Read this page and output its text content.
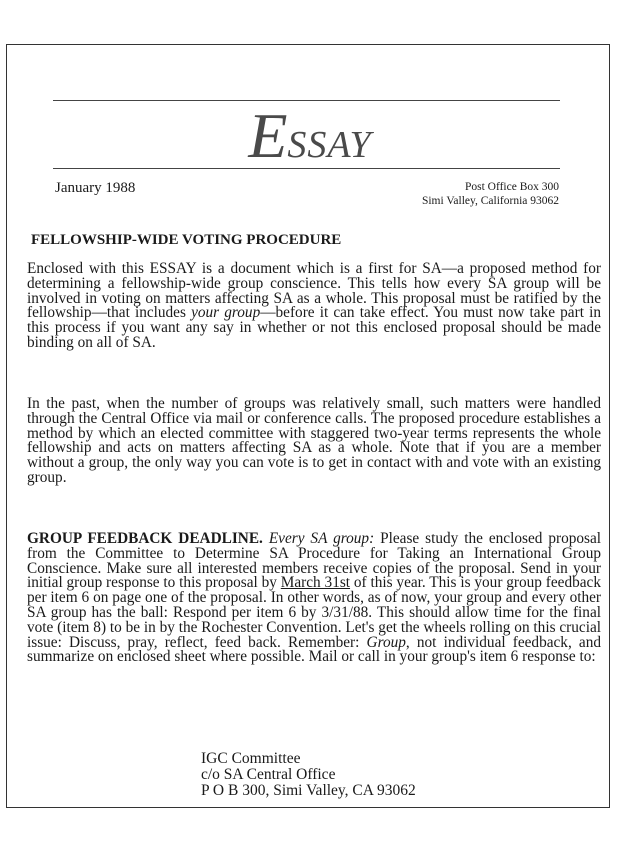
ESSAY
January 1988	Post Office Box 300
Simi Valley, California 93062
FELLOWSHIP-WIDE VOTING PROCEDURE
Enclosed with this ESSAY is a document which is a first for SA—a proposed method for determining a fellowship-wide group conscience. This tells how every SA group will be involved in voting on matters affecting SA as a whole. This proposal must be ratified by the fellowship—that includes your group—before it can take effect. You must now take part in this process if you want any say in whether or not this enclosed proposal should be made binding on all of SA.
In the past, when the number of groups was relatively small, such matters were handled through the Central Office via mail or conference calls. The proposed procedure establishes a method by which an elected committee with staggered two-year terms represents the whole fellowship and acts on matters affecting SA as a whole. Note that if you are a member without a group, the only way you can vote is to get in contact with and vote with an existing group.
GROUP FEEDBACK DEADLINE. Every SA group: Please study the enclosed proposal from the Committee to Determine SA Procedure for Taking an International Group Conscience. Make sure all interested members receive copies of the proposal. Send in your initial group response to this proposal by March 31st of this year. This is your group feedback per item 6 on page one of the proposal. In other words, as of now, your group and every other SA group has the ball: Respond per item 6 by 3/31/88. This should allow time for the final vote (item 8) to be in by the Rochester Convention. Let's get the wheels rolling on this crucial issue: Discuss, pray, reflect, feed back. Remember: Group, not individual feedback, and summarize on enclosed sheet where possible. Mail or call in your group's item 6 response to:
IGC Committee
c/o SA Central Office
P O B 300, Simi Valley, CA 93062
